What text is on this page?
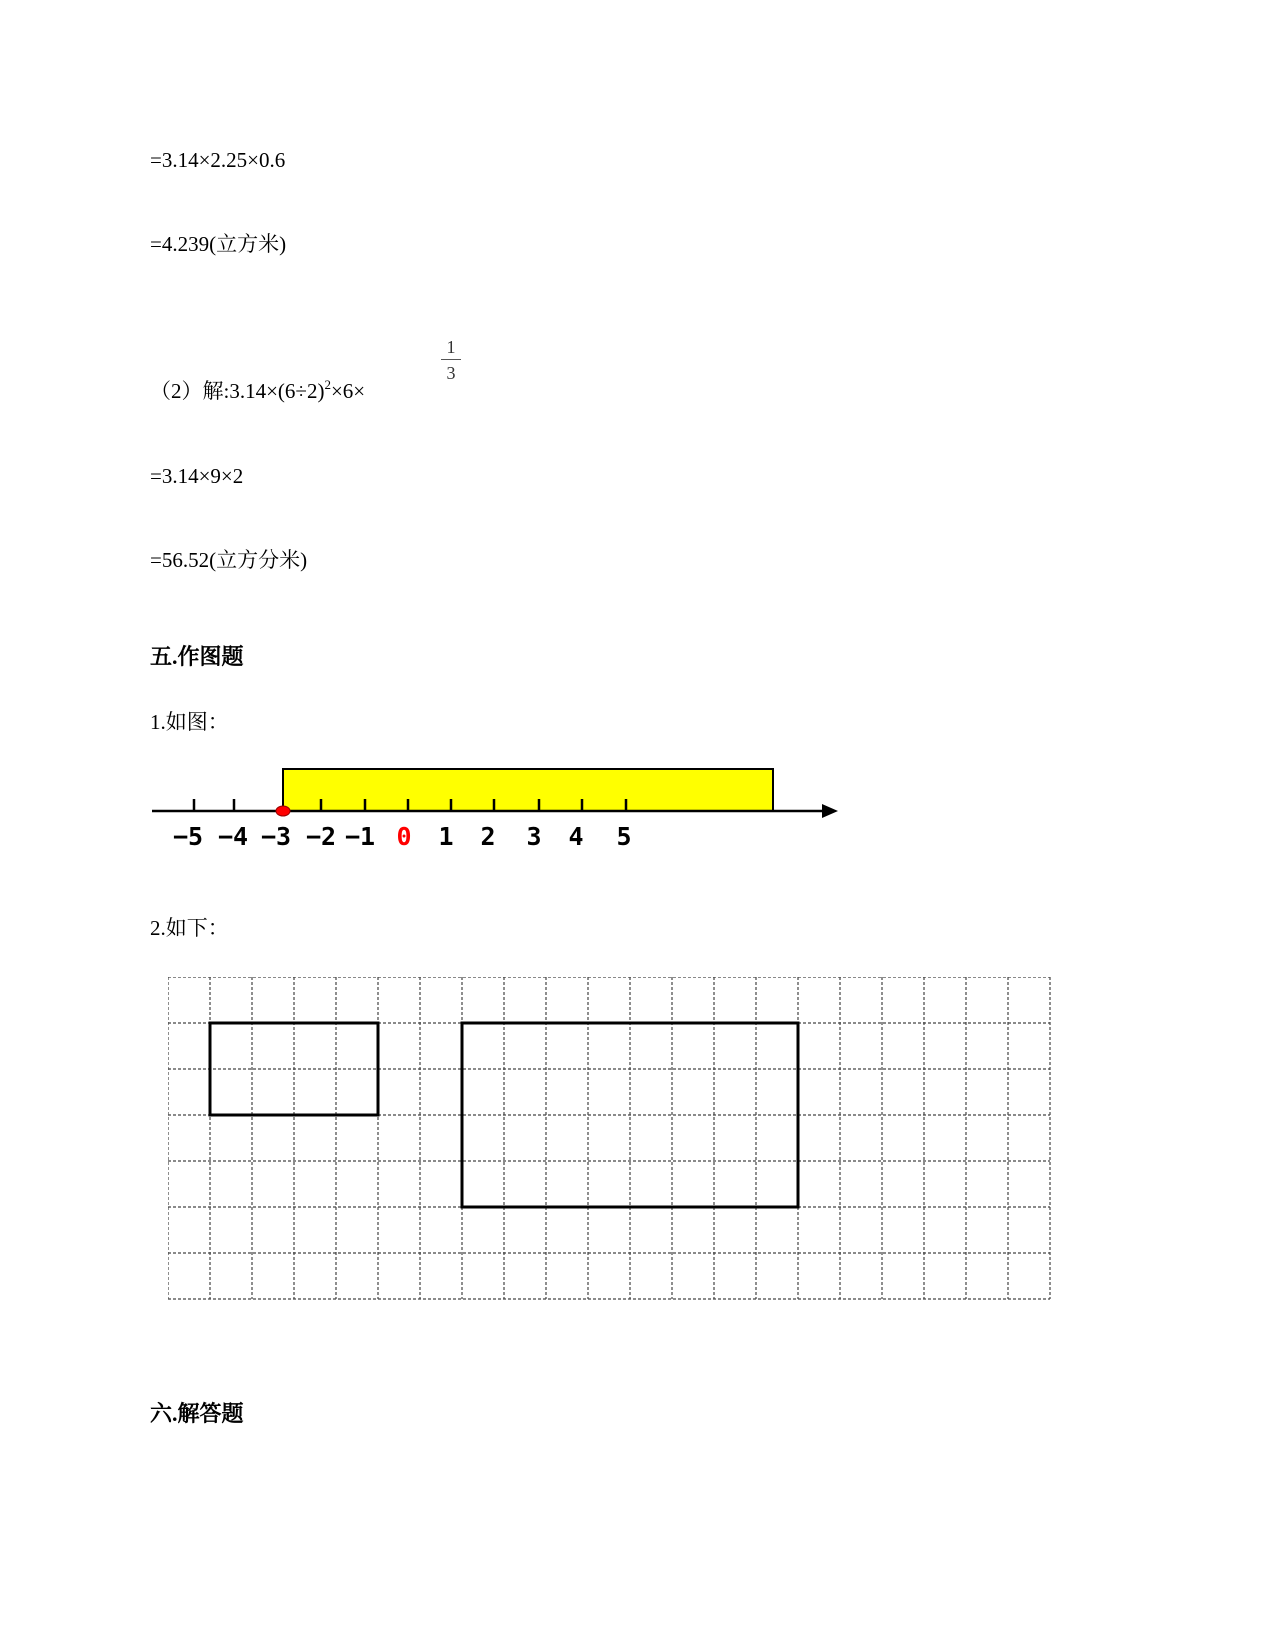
=3.14×2.25×0.6
=4.239(立方米)
（2）解$:3.14\times(6\div 2)^2\times 6\times$
1
3
=3.14×9×2
=56.52(立方分米)
五.作图题
1.如图：
−5 −4 −3 −2 −1 0 1 2 3 4 5
2.如下：
六.解答题
